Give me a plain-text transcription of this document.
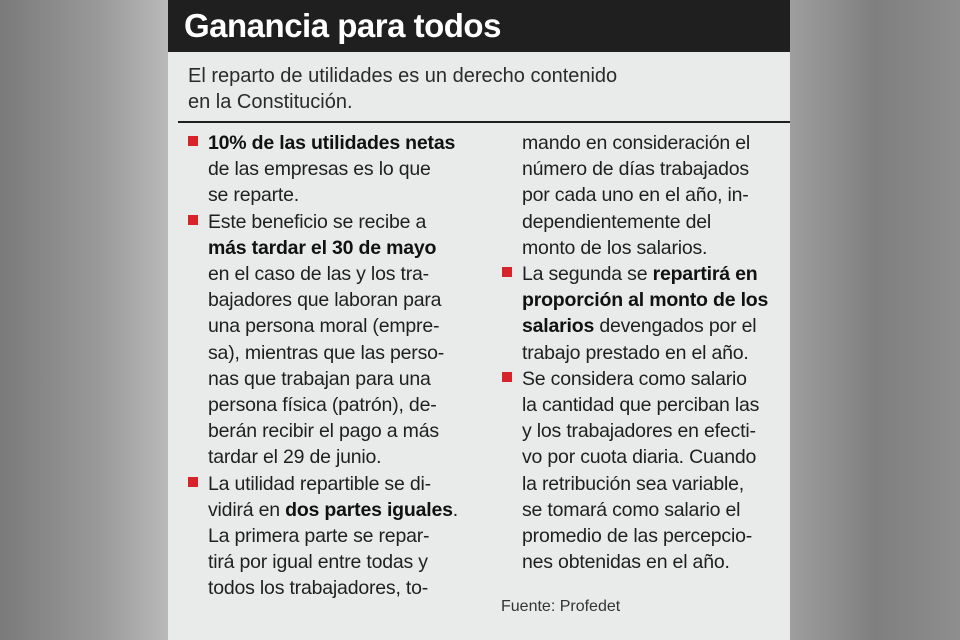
Ganancia para todos
El reparto de utilidades es un derecho contenido
en la Constitución.
10% de las utilidades netas
de las empresas es lo que
se reparte.
Este beneficio se recibe a
más tardar el 30 de mayo
en el caso de las y los tra-
bajadores que laboran para
una persona moral (empre-
sa), mientras que las perso-
nas que trabajan para una
persona física (patrón), de-
berán recibir el pago a más
tardar el 29 de junio.
La utilidad repartible se di-
vidirá en dos partes iguales.
La primera parte se repar-
tirá por igual entre todas y
todos los trabajadores, to-
mando en consideración el
número de días trabajados
por cada uno en el año, in-
dependientemente del
monto de los salarios.
La segunda se repartirá en
proporción al monto de los
salarios devengados por el
trabajo prestado en el año.
Se considera como salario
la cantidad que perciban las
y los trabajadores en efecti-
vo por cuota diaria. Cuando
la retribución sea variable,
se tomará como salario el
promedio de las percepcio-
nes obtenidas en el año.
Fuente: Profedet
